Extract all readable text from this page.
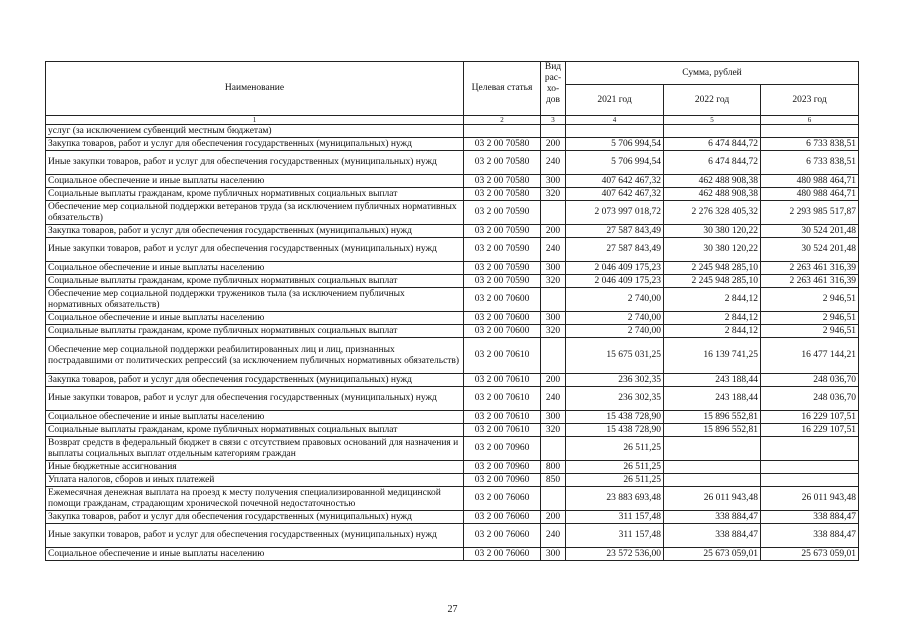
Наименование	Целевая статья	Вид рас- хо- дов	Сумма, рублей		
			2021 год	2022 год	2023 год
1	2	3	4	5	6
услуг (за исключением субвенций местным бюджетам)					
Закупка товаров, работ и услуг для обеспечения государственных (муниципальных) нужд	03 2 00 70580	200	5 706 994,54	6 474 844,72	6 733 838,51
Иные закупки товаров, работ и услуг для обеспечения государственных (муниципальных) нужд	03 2 00 70580	240	5 706 994,54	6 474 844,72	6 733 838,51
Социальное обеспечение и иные выплаты населению	03 2 00 70580	300	407 642 467,32	462 488 908,38	480 988 464,71
Социальные выплаты гражданам, кроме публичных нормативных социальных выплат	03 2 00 70580	320	407 642 467,32	462 488 908,38	480 988 464,71
Обеспечение мер социальной поддержки ветеранов труда (за исключением публичных нормативных обязательств)	03 2 00 70590		2 073 997 018,72	2 276 328 405,32	2 293 985 517,87
Закупка товаров, работ и услуг для обеспечения государственных (муниципальных) нужд	03 2 00 70590	200	27 587 843,49	30 380 120,22	30 524 201,48
Иные закупки товаров, работ и услуг для обеспечения государственных (муниципальных) нужд	03 2 00 70590	240	27 587 843,49	30 380 120,22	30 524 201,48
Социальное обеспечение и иные выплаты населению	03 2 00 70590	300	2 046 409 175,23	2 245 948 285,10	2 263 461 316,39
Социальные выплаты гражданам, кроме публичных нормативных социальных выплат	03 2 00 70590	320	2 046 409 175,23	2 245 948 285,10	2 263 461 316,39
Обеспечение мер социальной поддержки тружеников тыла (за исключением публичных нормативных обязательств)	03 2 00 70600		2 740,00	2 844,12	2 946,51
Социальное обеспечение и иные выплаты населению	03 2 00 70600	300	2 740,00	2 844,12	2 946,51
Социальные выплаты гражданам, кроме публичных нормативных социальных выплат	03 2 00 70600	320	2 740,00	2 844,12	2 946,51
Обеспечение мер социальной поддержки реабилитированных лиц и лиц, признанных пострадавшими от политических репрессий (за исключением публичных нормативных обязательств)	03 2 00 70610		15 675 031,25	16 139 741,25	16 477 144,21
Закупка товаров, работ и услуг для обеспечения государственных (муниципальных) нужд	03 2 00 70610	200	236 302,35	243 188,44	248 036,70
Иные закупки товаров, работ и услуг для обеспечения государственных (муниципальных) нужд	03 2 00 70610	240	236 302,35	243 188,44	248 036,70
Социальное обеспечение и иные выплаты населению	03 2 00 70610	300	15 438 728,90	15 896 552,81	16 229 107,51
Социальные выплаты гражданам, кроме публичных нормативных социальных выплат	03 2 00 70610	320	15 438 728,90	15 896 552,81	16 229 107,51
Возврат средств в федеральный бюджет в связи с отсутствием правовых оснований для назначения и выплаты социальных выплат отдельным категориям граждан	03 2 00 70960		26 511,25		
Иные бюджетные ассигнования	03 2 00 70960	800	26 511,25		
Уплата налогов, сборов и иных платежей	03 2 00 70960	850	26 511,25		
Ежемесячная денежная выплата на проезд к месту получения специализированной медицинской помощи гражданам, страдающим хронической почечной недостаточностью	03 2 00 76060		23 883 693,48	26 011 943,48	26 011 943,48
Закупка товаров, работ и услуг для обеспечения государственных (муниципальных) нужд	03 2 00 76060	200	311 157,48	338 884,47	338 884,47
Иные закупки товаров, работ и услуг для обеспечения государственных (муниципальных) нужд	03 2 00 76060	240	311 157,48	338 884,47	338 884,47
Социальное обеспечение и иные выплаты населению	03 2 00 76060	300	23 572 536,00	25 673 059,01	25 673 059,01
27
